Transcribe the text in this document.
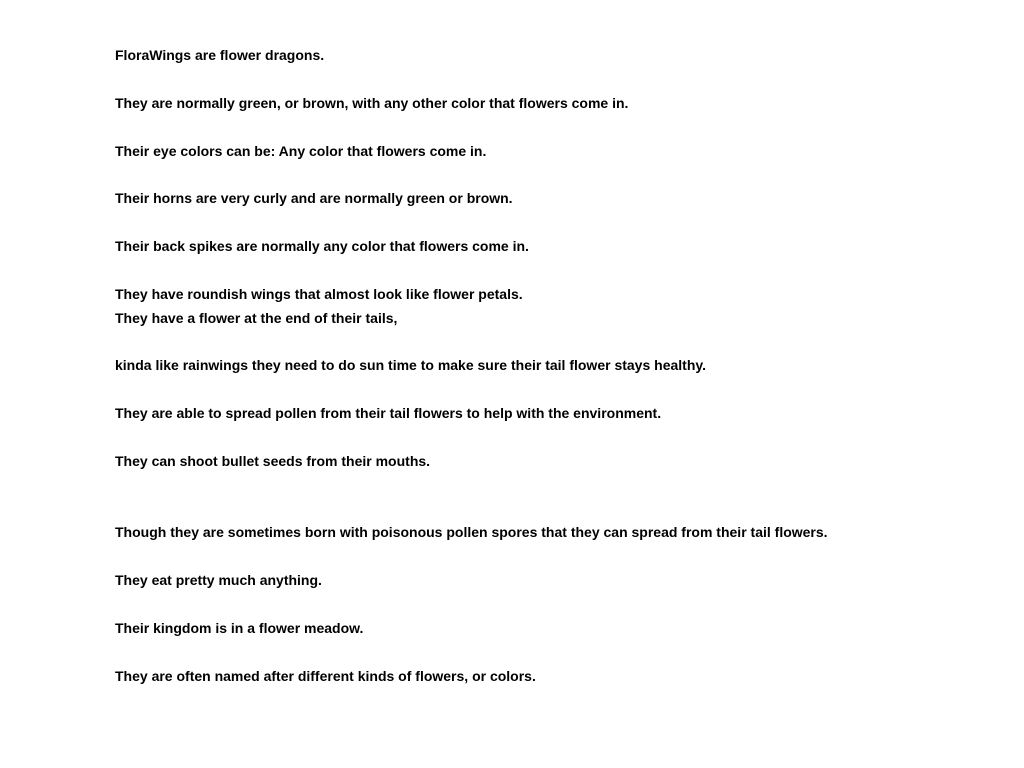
FloraWings are flower dragons.

They are normally green, or brown, with any other color that flowers come in.

Their eye colors can be: Any color that flowers come in.

Their horns are very curly and are normally green or brown.

Their back spikes are normally any color that flowers come in.

They have roundish wings that almost look like flower petals.

They have a flower at the end of their tails,

kinda like rainwings they need to do sun time to make sure their tail flower stays healthy.

They are able to spread pollen from their tail flowers to help with the environment.

They can shoot bullet seeds from their mouths.

Though they are sometimes born with poisonous pollen spores that they can spread from their tail flowers.

They eat pretty much anything.

Their kingdom is in a flower meadow.

They are often named after different kinds of flowers, or colors.
